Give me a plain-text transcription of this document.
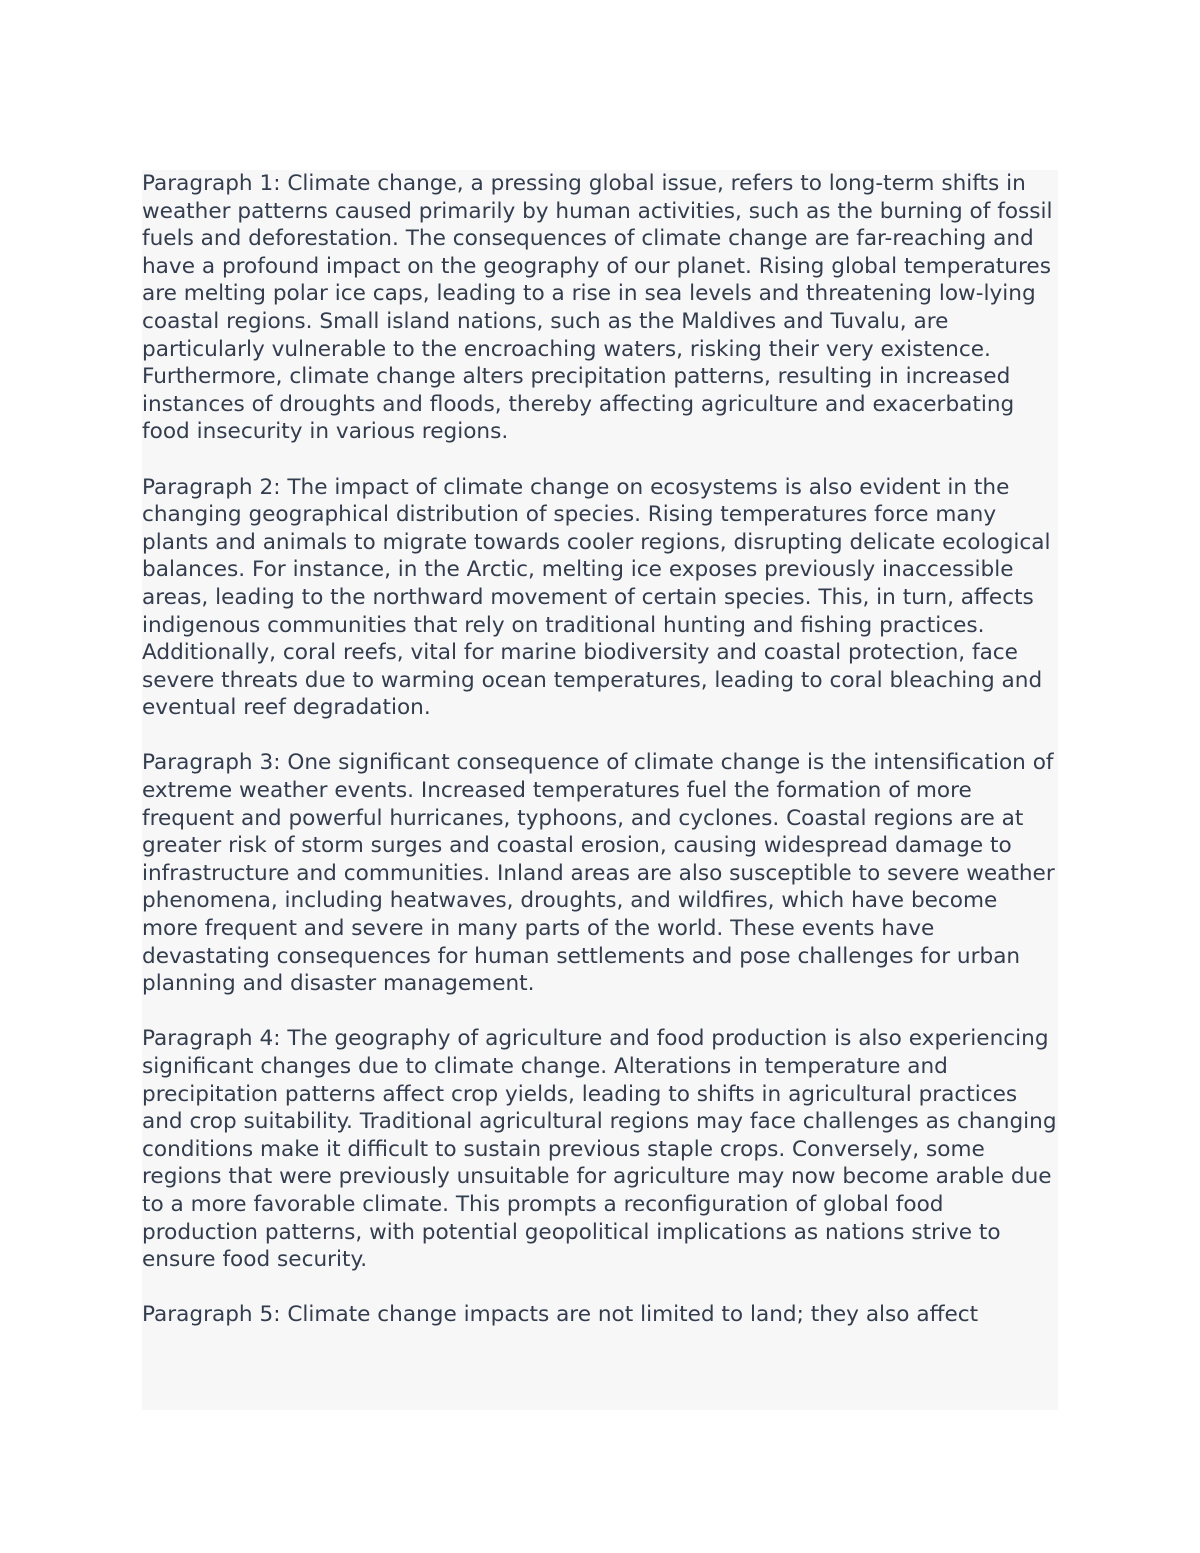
Paragraph 1: Climate change, a pressing global issue, refers to long-term shifts in weather patterns caused primarily by human activities, such as the burning of fossil fuels and deforestation. The consequences of climate change are far-reaching and have a profound impact on the geography of our planet. Rising global temperatures are melting polar ice caps, leading to a rise in sea levels and threatening low-lying coastal regions. Small island nations, such as the Maldives and Tuvalu, are particularly vulnerable to the encroaching waters, risking their very existence. Furthermore, climate change alters precipitation patterns, resulting in increased instances of droughts and floods, thereby affecting agriculture and exacerbating food insecurity in various regions.

Paragraph 2: The impact of climate change on ecosystems is also evident in the changing geographical distribution of species. Rising temperatures force many plants and animals to migrate towards cooler regions, disrupting delicate ecological balances. For instance, in the Arctic, melting ice exposes previously inaccessible areas, leading to the northward movement of certain species. This, in turn, affects indigenous communities that rely on traditional hunting and fishing practices. Additionally, coral reefs, vital for marine biodiversity and coastal protection, face severe threats due to warming ocean temperatures, leading to coral bleaching and eventual reef degradation.

Paragraph 3: One significant consequence of climate change is the intensification of extreme weather events. Increased temperatures fuel the formation of more frequent and powerful hurricanes, typhoons, and cyclones. Coastal regions are at greater risk of storm surges and coastal erosion, causing widespread damage to infrastructure and communities. Inland areas are also susceptible to severe weather phenomena, including heatwaves, droughts, and wildfires, which have become more frequent and severe in many parts of the world. These events have devastating consequences for human settlements and pose challenges for urban planning and disaster management.

Paragraph 4: The geography of agriculture and food production is also experiencing significant changes due to climate change. Alterations in temperature and precipitation patterns affect crop yields, leading to shifts in agricultural practices and crop suitability. Traditional agricultural regions may face challenges as changing conditions make it difficult to sustain previous staple crops. Conversely, some regions that were previously unsuitable for agriculture may now become arable due to a more favorable climate. This prompts a reconfiguration of global food production patterns, with potential geopolitical implications as nations strive to ensure food security.

Paragraph 5: Climate change impacts are not limited to land; they also affect
